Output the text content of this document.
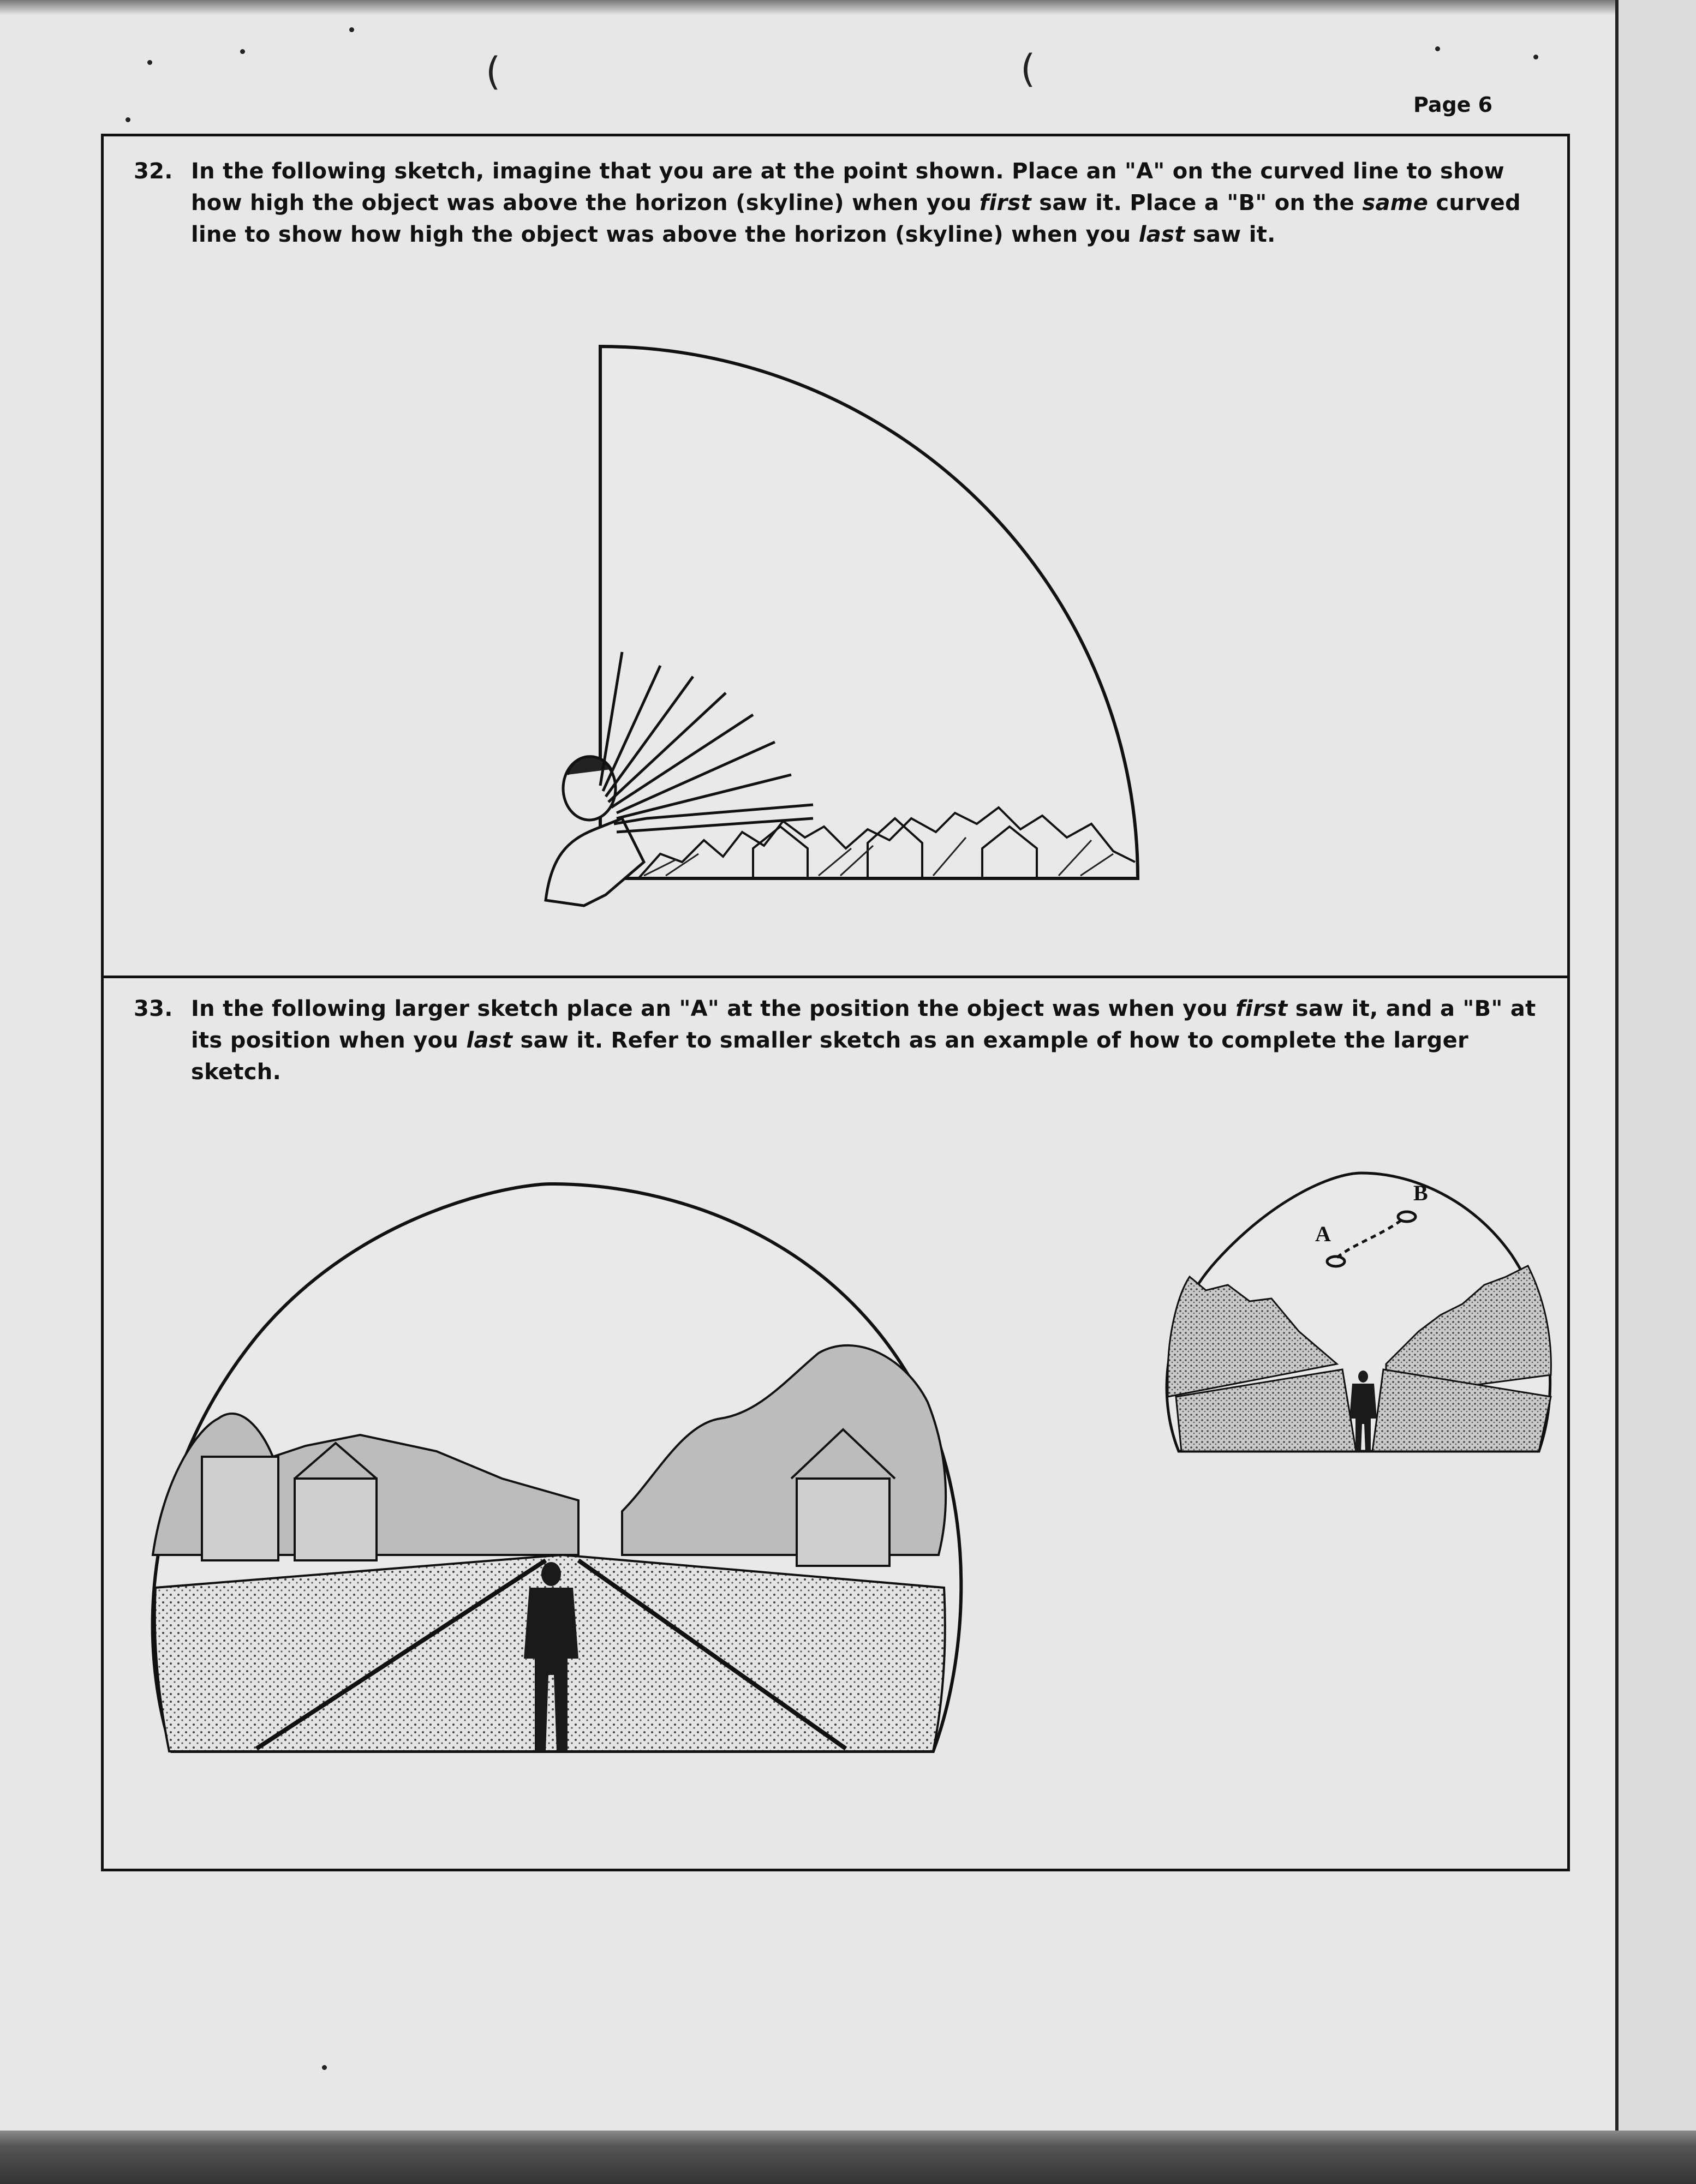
(	(
Page 6
32. In the following sketch, imagine that you are at the point shown. Place an "A" on the curved line to show how high the object was above the horizon (skyline) when you first saw it. Place a "B" on the same curved line to show how high the object was above the horizon (skyline) when you last saw it.

33. In the following larger sketch place an "A" at the position the object was when you first saw it, and a "B" at its position when you last saw it. Refer to smaller sketch as an example of how to complete the larger sketch.

A
B
